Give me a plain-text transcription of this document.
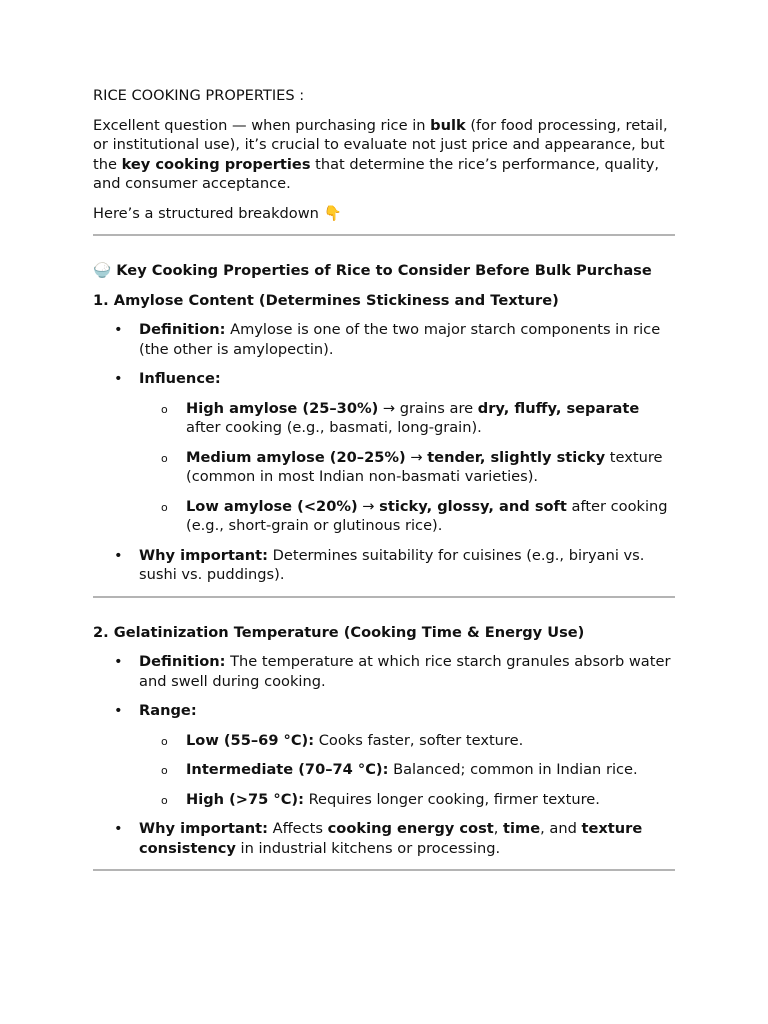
RICE COOKING PROPERTIES :

Excellent question — when purchasing rice in bulk (for food processing, retail, or institutional use), it’s crucial to evaluate not just price and appearance, but the key cooking properties that determine the rice’s performance, quality, and consumer acceptance.

Here’s a structured breakdown 👇

🍚 Key Cooking Properties of Rice to Consider Before Bulk Purchase

1. Amylose Content (Determines Stickiness and Texture)

• Definition: Amylose is one of the two major starch components in rice (the other is amylopectin).
• Influence:
o High amylose (25–30%) → grains are dry, fluffy, separate after cooking (e.g., basmati, long-grain).
o Medium amylose (20–25%) → tender, slightly sticky texture (common in most Indian non-basmati varieties).
o Low amylose (<20%) → sticky, glossy, and soft after cooking (e.g., short-grain or glutinous rice).
• Why important: Determines suitability for cuisines (e.g., biryani vs. sushi vs. puddings).

2. Gelatinization Temperature (Cooking Time & Energy Use)

• Definition: The temperature at which rice starch granules absorb water and swell during cooking.
• Range:
o Low (55–69 °C): Cooks faster, softer texture.
o Intermediate (70–74 °C): Balanced; common in Indian rice.
o High (>75 °C): Requires longer cooking, firmer texture.
• Why important: Affects cooking energy cost, time, and texture consistency in industrial kitchens or processing.
